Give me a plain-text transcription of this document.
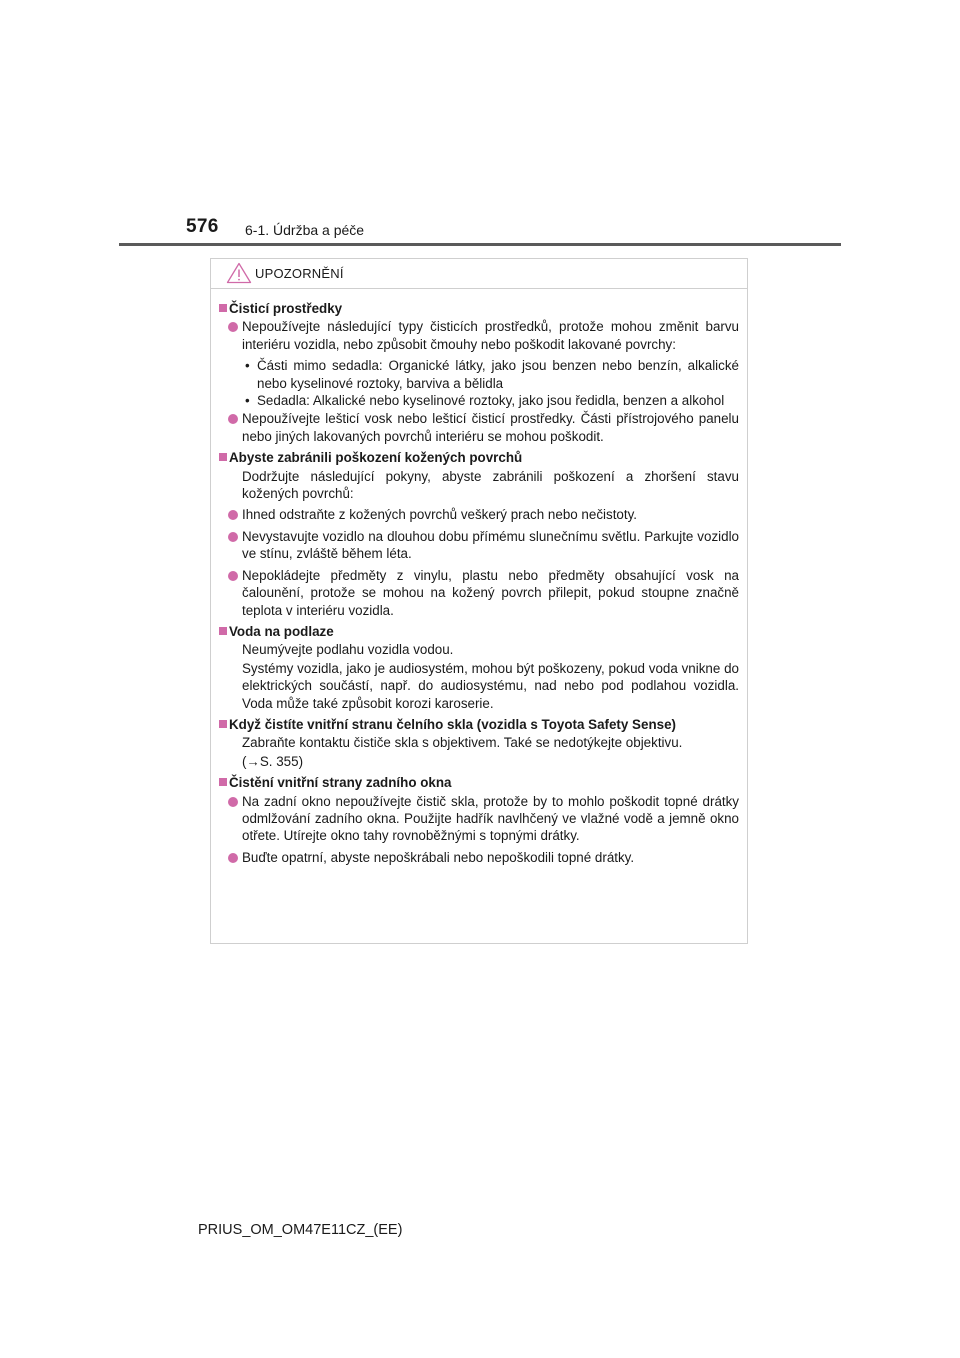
576 6-1. Údržba a péče
UPOZORNĚNÍ
Čisticí prostředky
Nepoužívejte následující typy čisticích prostředků, protože mohou změnit barvu interiéru vozidla, nebo způsobit čmouhy nebo poškodit lakované povrchy:
• Části mimo sedadla: Organické látky, jako jsou benzen nebo benzín, alkalické nebo kyselinové roztoky, barviva a bělidla
• Sedadla: Alkalické nebo kyselinové roztoky, jako jsou ředidla, benzen a alkohol
Nepoužívejte lešticí vosk nebo lešticí čisticí prostředky. Části přístrojového panelu nebo jiných lakovaných povrchů interiéru se mohou poškodit.
Abyste zabránili poškození kožených povrchů
Dodržujte následující pokyny, abyste zabránili poškození a zhoršení stavu kožených povrchů:
Ihned odstraňte z kožených povrchů veškerý prach nebo nečistoty.
Nevystavujte vozidlo na dlouhou dobu přímému slunečnímu světlu. Parkujte vozidlo ve stínu, zvláště během léta.
Nepokládejte předměty z vinylu, plastu nebo předměty obsahující vosk na čalounění, protože se mohou na kožený povrch přilepit, pokud stoupne značně teplota v interiéru vozidla.
Voda na podlaze
Neumývejte podlahu vozidla vodou.
Systémy vozidla, jako je audiosystém, mohou být poškozeny, pokud voda vnikne do elektrických součástí, např. do audiosystému, nad nebo pod podlahou vozidla. Voda může také způsobit korozi karoserie.
Když čistíte vnitřní stranu čelního skla (vozidla s Toyota Safety Sense)
Zabraňte kontaktu čističe skla s objektivem. Také se nedotýkejte objektivu.
(→S. 355)
Čistění vnitřní strany zadního okna
Na zadní okno nepoužívejte čistič skla, protože by to mohlo poškodit topné drátky odmlžování zadního okna. Použijte hadřík navlhčený ve vlažné vodě a jemně okno otřete. Utírejte okno tahy rovnoběžnými s topnými drátky.
Buďte opatrní, abyste nepoškrábali nebo nepoškodili topné drátky.
PRIUS_OM_OM47E11CZ_(EE)
